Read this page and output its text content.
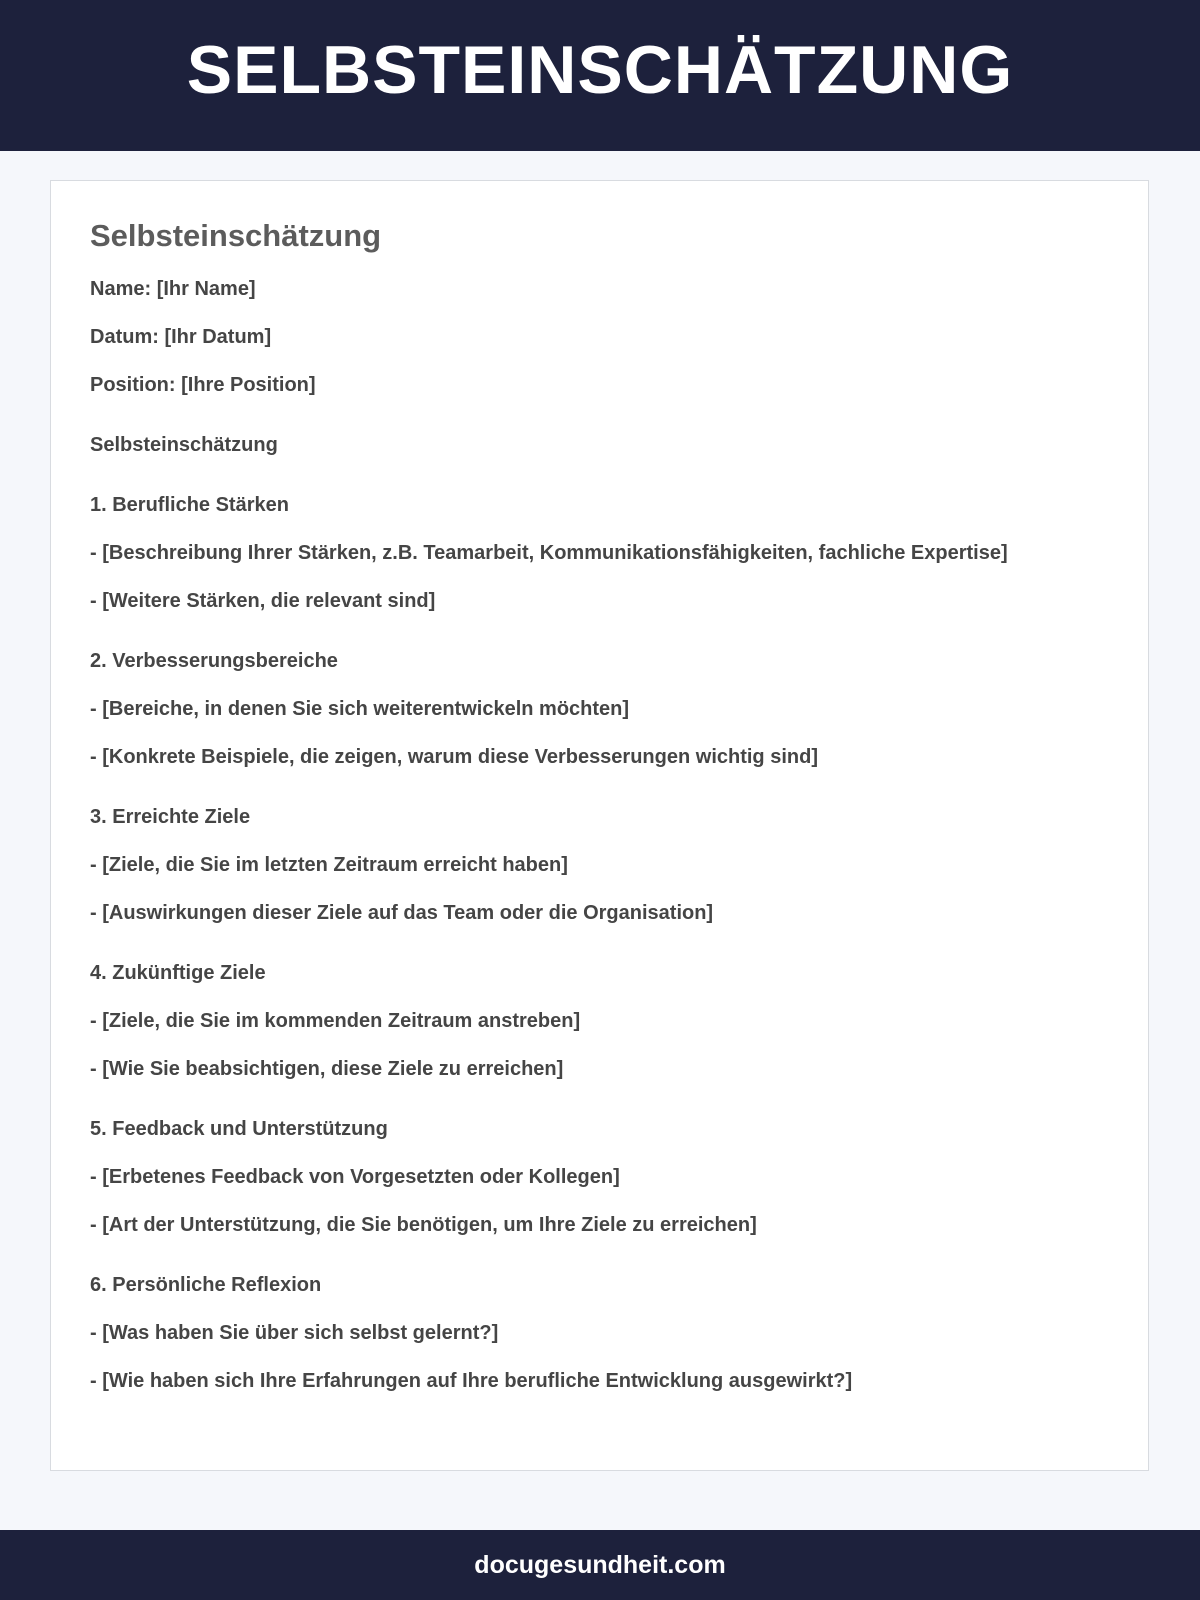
SELBSTEINSCHÄTZUNG
Selbsteinschätzung

Name: [Ihr Name]

Datum: [Ihr Datum]

Position: [Ihre Position]

Selbsteinschätzung

1. Berufliche Stärken

- [Beschreibung Ihrer Stärken, z.B. Teamarbeit, Kommunikationsfähigkeiten, fachliche Expertise]

- [Weitere Stärken, die relevant sind]

2. Verbesserungsbereiche

- [Bereiche, in denen Sie sich weiterentwickeln möchten]

- [Konkrete Beispiele, die zeigen, warum diese Verbesserungen wichtig sind]

3. Erreichte Ziele

- [Ziele, die Sie im letzten Zeitraum erreicht haben]

- [Auswirkungen dieser Ziele auf das Team oder die Organisation]

4. Zukünftige Ziele

- [Ziele, die Sie im kommenden Zeitraum anstreben]

- [Wie Sie beabsichtigen, diese Ziele zu erreichen]

5. Feedback und Unterstützung

- [Erbetenes Feedback von Vorgesetzten oder Kollegen]

- [Art der Unterstützung, die Sie benötigen, um Ihre Ziele zu erreichen]

6. Persönliche Reflexion

- [Was haben Sie über sich selbst gelernt?]

- [Wie haben sich Ihre Erfahrungen auf Ihre berufliche Entwicklung ausgewirkt?]

docugesundheit.com
